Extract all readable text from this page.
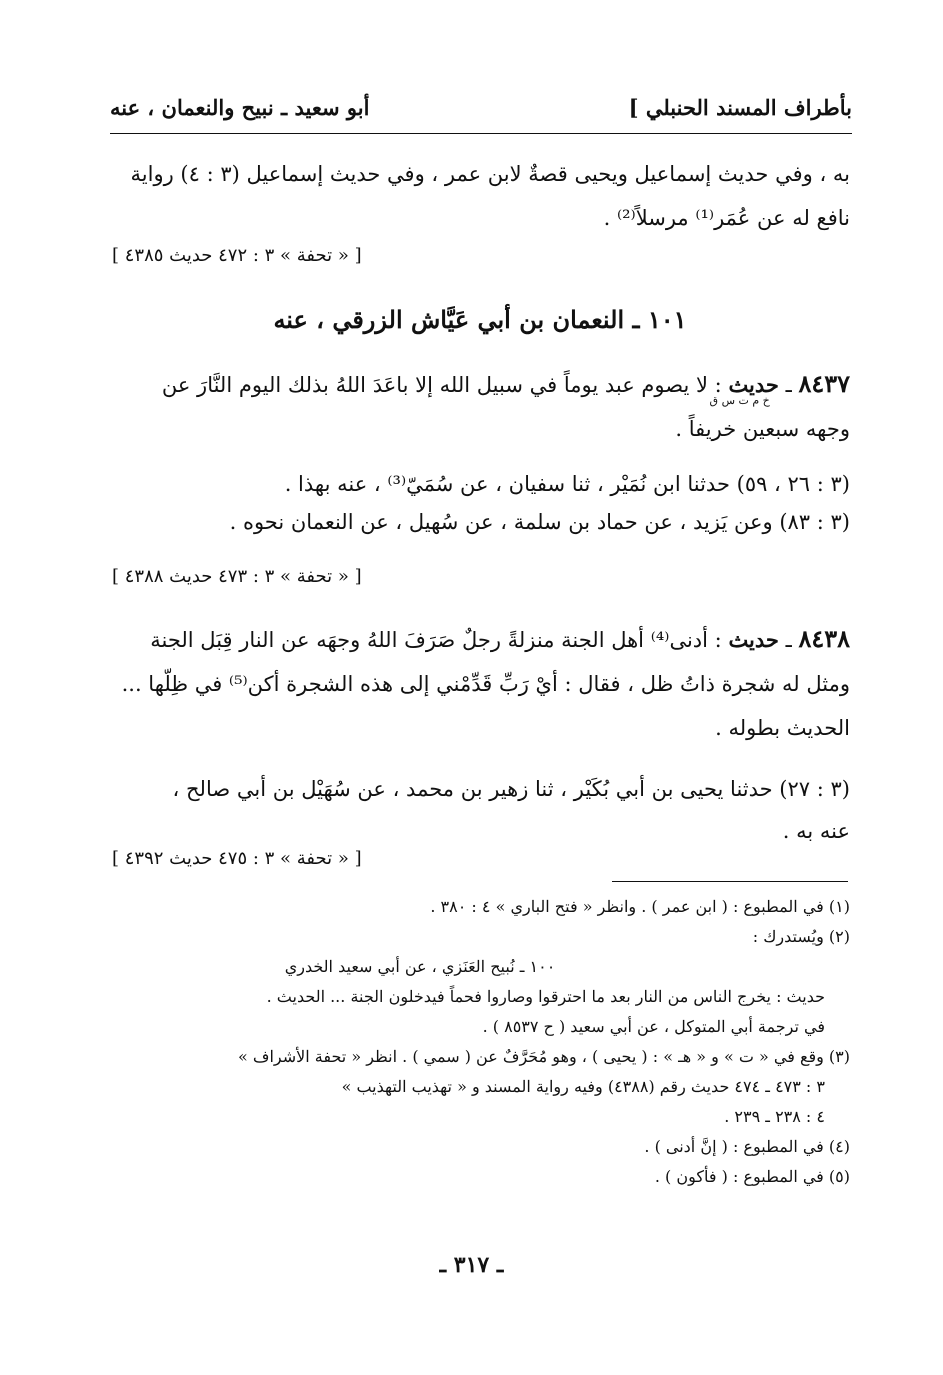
بأطراف المسند الحنبلي ]
أبو سعيد ـ نبيح والنعمان ، عنه
به ، وفي حديث إسماعيل ويحيى قصةٌ لابن عمر ، وفي حديث إسماعيل (٣ : ٤) رواية
نافع له عن عُمَر⁽¹⁾ مرسلاً⁽²⁾ .
[ « تحفة » ٣ : ٤٧٢ حديث ٤٣٨٥ ]
١٠١ ـ النعمان بن أبي عَيَّاش الزرقي ، عنه
٨٤٣٧ ـ حديث
خ م ت س ق
: لا يصوم عبد يوماً في سبيل الله إلا باعَدَ اللهُ بذلك اليوم النَّارَ عن
وجهه سبعين خريفاً .
(٣ : ٢٦ ، ٥٩) حدثنا ابن نُمَيْر ، ثنا سفيان ، عن سُمَيّ⁽³⁾ ، عنه بهذا .
(٣ : ٨٣) وعن يَزيد ، عن حماد بن سلمة ، عن سُهيل ، عن النعمان نحوه .
[ « تحفة » ٣ : ٤٧٣ حديث ٤٣٨٨ ]
٨٤٣٨ ـ حديث : أدنى⁽⁴⁾ أهل الجنة منزلةً رجلٌ صَرَفَ اللهُ وجهَه عن النار قِبَل الجنة
ومثل له شجرة ذاتُ ظل ، فقال : أيْ رَبِّ قَدِّمْني إلى هذه الشجرة أكن⁽⁵⁾ في ظِلّها ...
الحديث بطوله .
(٣ : ٢٧) حدثنا يحيى بن أبي بُكَيْر ، ثنا زهير بن محمد ، عن سُهَيْل بن أبي صالح ،
عنه به .
[ « تحفة » ٣ : ٤٧٥ حديث ٤٣٩٢ ]
(١) في المطبوع : ( ابن عمر ) . وانظر « فتح الباري » ٤ : ٣٨٠ .
(٢) ويُستدرك :
١٠٠ ـ نُبيح العَنَزي ، عن أبي سعيد الخدري
حديث : يخرج الناس من النار بعد ما احترقوا وصاروا فحماً فيدخلون الجنة ... الحديث .
في ترجمة أبي المتوكل ، عن أبي سعيد ( ح ٨٥٣٧ ) .
(٣) وقع في « ت » و « هـ » : ( يحيى ) ، وهو مُحَرَّفٌ عن ( سمي ) . انظر « تحفة الأشراف »
٣ : ٤٧٣ ـ ٤٧٤ حديث رقم (٤٣٨٨) وفيه رواية المسند و « تهذيب التهذيب »
٤ : ٢٣٨ ـ ٢٣٩ .
(٤) في المطبوع : ( إنَّ أدنى ) .
(٥) في المطبوع : ( فأكون ) .
ـ ٣١٧ ـ
